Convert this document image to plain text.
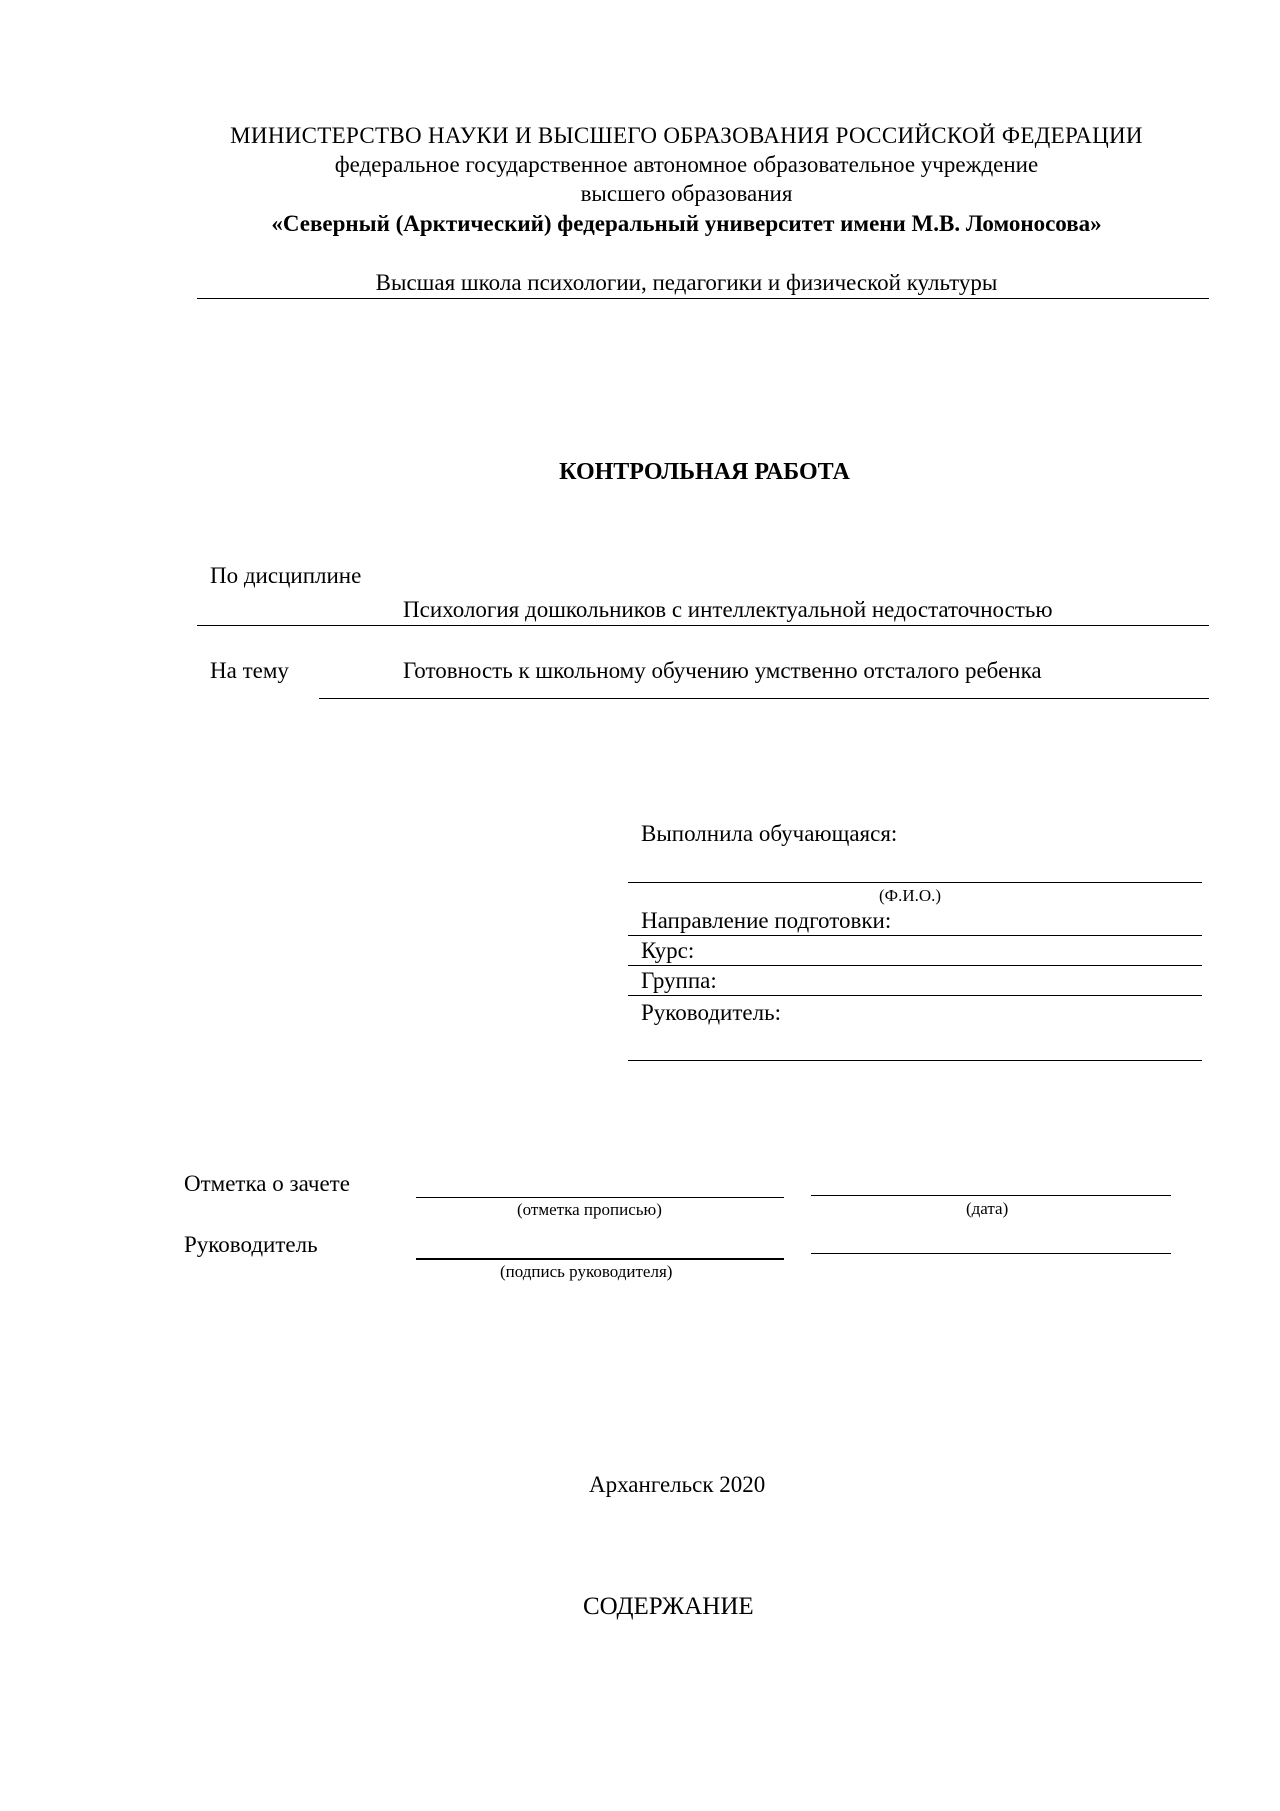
МИНИСТЕРСТВО НАУКИ И ВЫСШЕГО ОБРАЗОВАНИЯ РОССИЙСКОЙ ФЕДЕРАЦИИ
федеральное государственное автономное образовательное учреждение
высшего образования
«Северный (Арктический) федеральный университет имени М.В. Ломоносова»
Высшая школа психологии, педагогики и физической культуры
КОНТРОЛЬНАЯ РАБОТА
По дисциплине
Психология дошкольников с интеллектуальной недостаточностью
На тему	Готовность к школьному обучению умственно отсталого ребенка
Выполнила обучающаяся:
(Ф.И.О.)
Направление подготовки:
Курс:
Группа:
Руководитель:
Отметка о зачете
(отметка прописью)	(дата)
Руководитель
(подпись руководителя)
Архангельск 2020
СОДЕРЖАНИЕ
